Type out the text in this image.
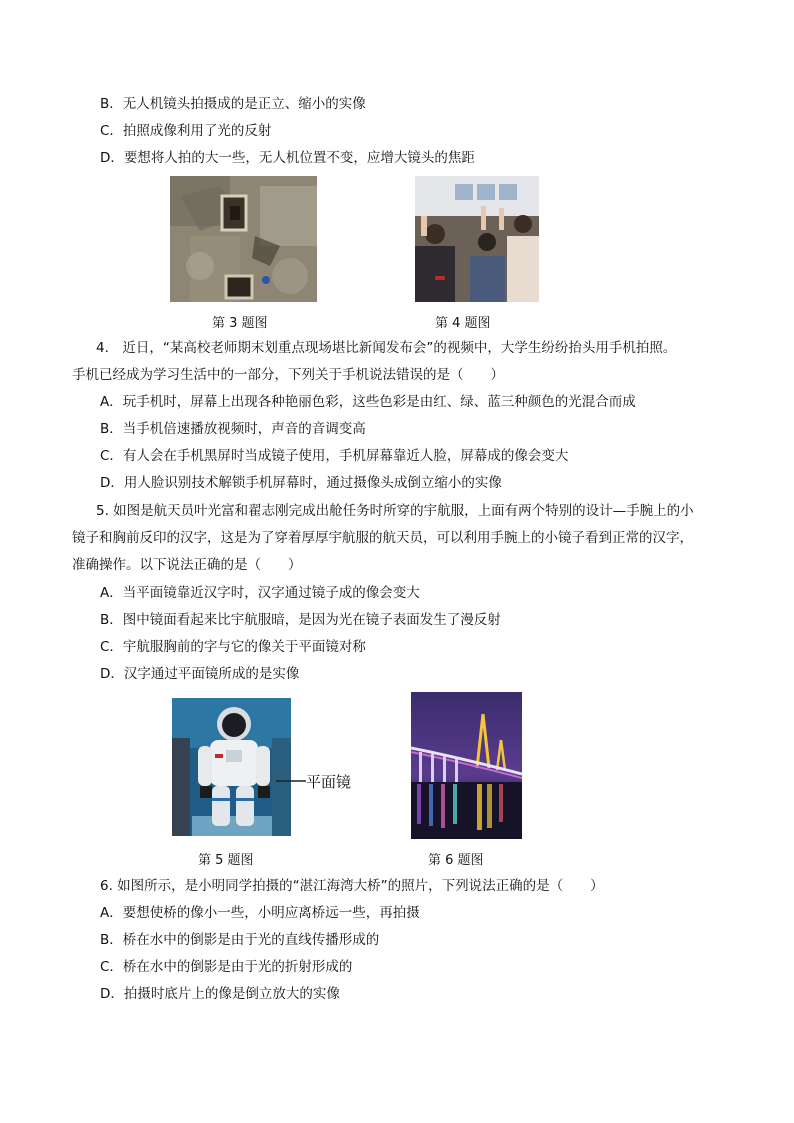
B．无人机镜头拍摄成的是正立、缩小的实像
C．拍照成像利用了光的反射
D．要想将人拍的大一些，无人机位置不变，应增大镜头的焦距
第 3 题图	第 4 题图
4.　近日，“某高校老师期末划重点现场堪比新闻发布会”的视频中，大学生纷纷抬头用手机拍照。
手机已经成为学习生活中的一部分，下列关于手机说法错误的是（　　）
A．玩手机时，屏幕上出现各种艳丽色彩，这些色彩是由红、绿、蓝三种颜色的光混合而成
B．当手机倍速播放视频时，声音的音调变高
C．有人会在手机黑屏时当成镜子使用，手机屏幕靠近人脸，屏幕成的像会变大
D．用人脸识别技术解锁手机屏幕时，通过摄像头成倒立缩小的实像
5. 如图是航天员叶光富和翟志刚完成出舱任务时所穿的宇航服，上面有两个特别的设计—手腕上的小
镜子和胸前反印的汉字，这是为了穿着厚厚宇航服的航天员，可以利用手腕上的小镜子看到正常的汉字，
准确操作。以下说法正确的是（　　）
A．当平面镜靠近汉字时，汉字通过镜子成的像会变大
B．图中镜面看起来比宇航服暗，是因为光在镜子表面发生了漫反射
C．宇航服胸前的字与它的像关于平面镜对称
D．汉字通过平面镜所成的是实像
平面镜
第 5 题图	第 6 题图
6. 如图所示，是小明同学拍摄的“湛江海湾大桥”的照片，下列说法正确的是（　　）
A．要想使桥的像小一些，小明应离桥远一些，再拍摄
B．桥在水中的倒影是由于光的直线传播形成的
C．桥在水中的倒影是由于光的折射形成的
D．拍摄时底片上的像是倒立放大的实像
